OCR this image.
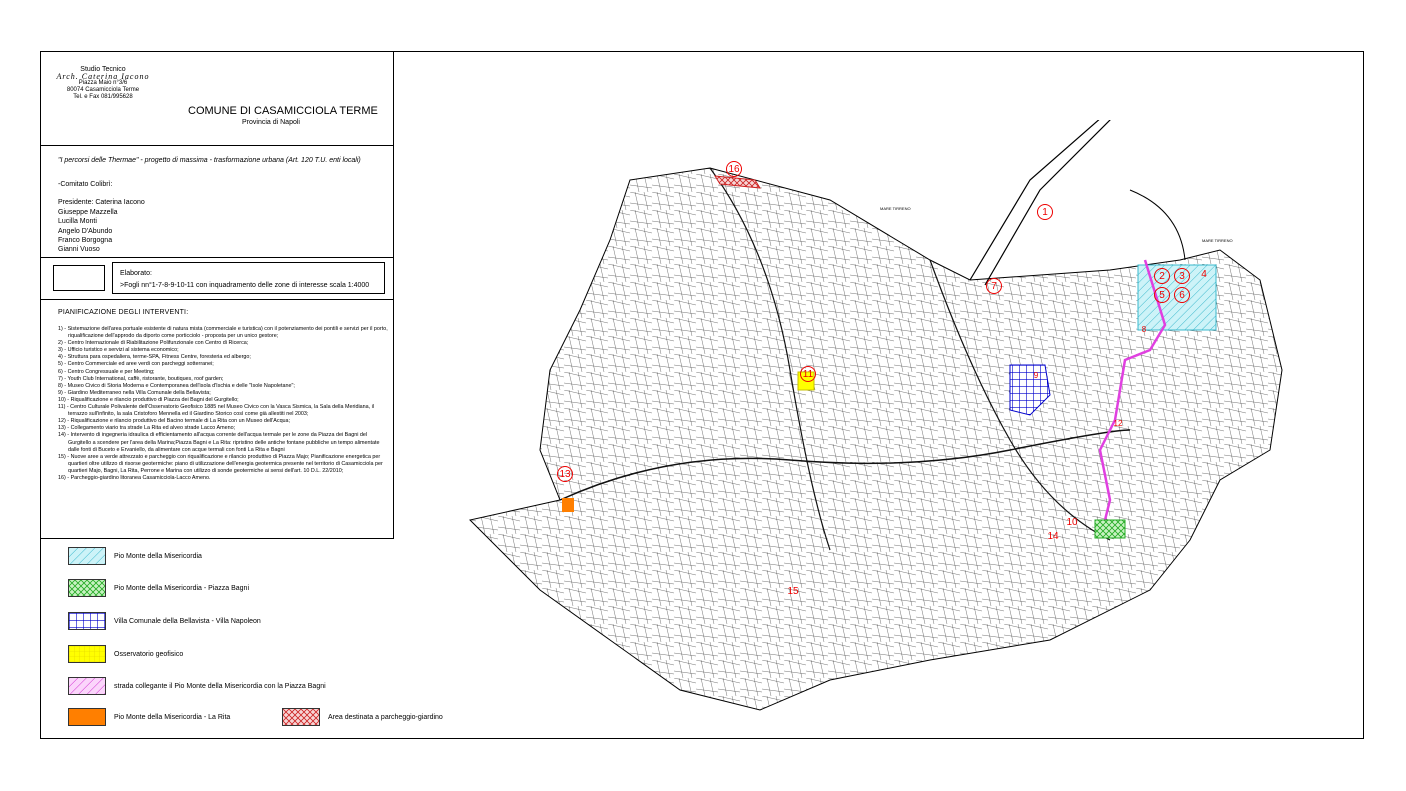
Studio Tecnico
Arch. Caterina Iacono
Piazza Maio n°3/6
80074 Casamicciola Terme
Tel. e Fax 081/995628
COMUNE DI CASAMICCIOLA TERME
Provincia di Napoli
"I percorsi delle Thermae" - progetto di massima - trasformazione urbana (Art. 120 T.U. enti locali)
-Comitato Colibrì:
Presidente: Caterina Iacono
Giuseppe Mazzella
Lucilla Monti
Angelo D'Abundo
Franco Borgogna
Gianni Vuoso
Elaborato:
>Fogli nn°1-7-8-9-10-11 con inquadramento delle zone di interesse scala 1:4000
PIANIFICAZIONE DEGLI INTERVENTI:
1) - Sistemazione dell'area portuale esistente di natura mista (commerciale e turistica) con il potenziamento dei pontili e servizi per il porto, riqualificazione dell'approdo da diporto come porticciolo - proposta per un unico gestore;
2) - Centro Internazionale di Riabilitazione Polifunzionale con Centro di Ricerca;
3) - Ufficio turistico e servizi al sistema economico;
4) - Struttura para ospedaliera, terme-SPA, Fitness Centre, foresteria ed albergo;
5) - Centro Commerciale ed aree verdi con parcheggi sotterranei;
6) - Centro Congressuale e per Meeting;
7) - Youth Club International, caffè, ristorante, boutiques, roof garden;
8) - Museo Civico di Storia Moderna e Contemporanea dell'isola d'Ischia e delle "Isole Napoletane";
9) - Giardino Mediterraneo nella Villa Comunale della Bellavista;
10) - Riqualificazione e rilancio produttivo di Piazza dei Bagni del Gurgitello;
11) - Centro Culturale Polivalente dell'Osservatorio Geofisico 1885 nel Museo Civico con la Vasca Sismica, la Sala della Meridiana, il terrazzo sull'infinito, la sala Cristoforo Mennella ed il Giardino Storico così come già allestiti nel 2003;
12) - Riqualificazione e rilancio produttivo del Bacino termale di La Rita con un Museo dell'Acqua;
13) - Collegamento viario tra strade La Rita ed alveo strade Lacco Ameno;
14) - Intervento di ingegneria idraulica di efficientamento all'acqua corrente dell'acqua termale per le zone da Piazza dei Bagni del Gurgitello a scendere per l'area della Marina;Piazza Bagni e La Rita: ripristino delle antiche fontane pubbliche un tempo alimentate dalle fonti di Buceto e Ervaniello, da alimentare con acque termali con fonti La Rita e Bagni
15) - Nuove aree a verde attrezzato e parcheggio con riqualificazione e rilancio produttivo di Piazza Majo; Pianificazione energetica per quartieri oltre utilizzo di risorse geotermiche: piano di utilizzazione dell'energia geotermica presente nel territorio di Casamicciola per quartieri Majo, Bagni, La Rita, Perrone e Marina con utilizzo di sonde geotermiche ai sensi dell'art. 10 D.L. 22/2010;
16) - Parcheggio-giardino litoranea Casamicciola-Lacco Ameno.
Pio Monte della Misericordia
Pio Monte della Misericordia - Piazza Bagni
Villa Comunale della Bellavista - Villa Napoleon
Osservatorio geofisico
strada collegante il Pio Monte della Misericordia con la Piazza Bagni
Pio Monte della Misericordia - La Rita	Area destinata a parcheggio-giardino
MARE TIRRENO
MARE TIRRENO
16
1
7
2	3	4
5	6
11
13
10
14
15
8
9
12
